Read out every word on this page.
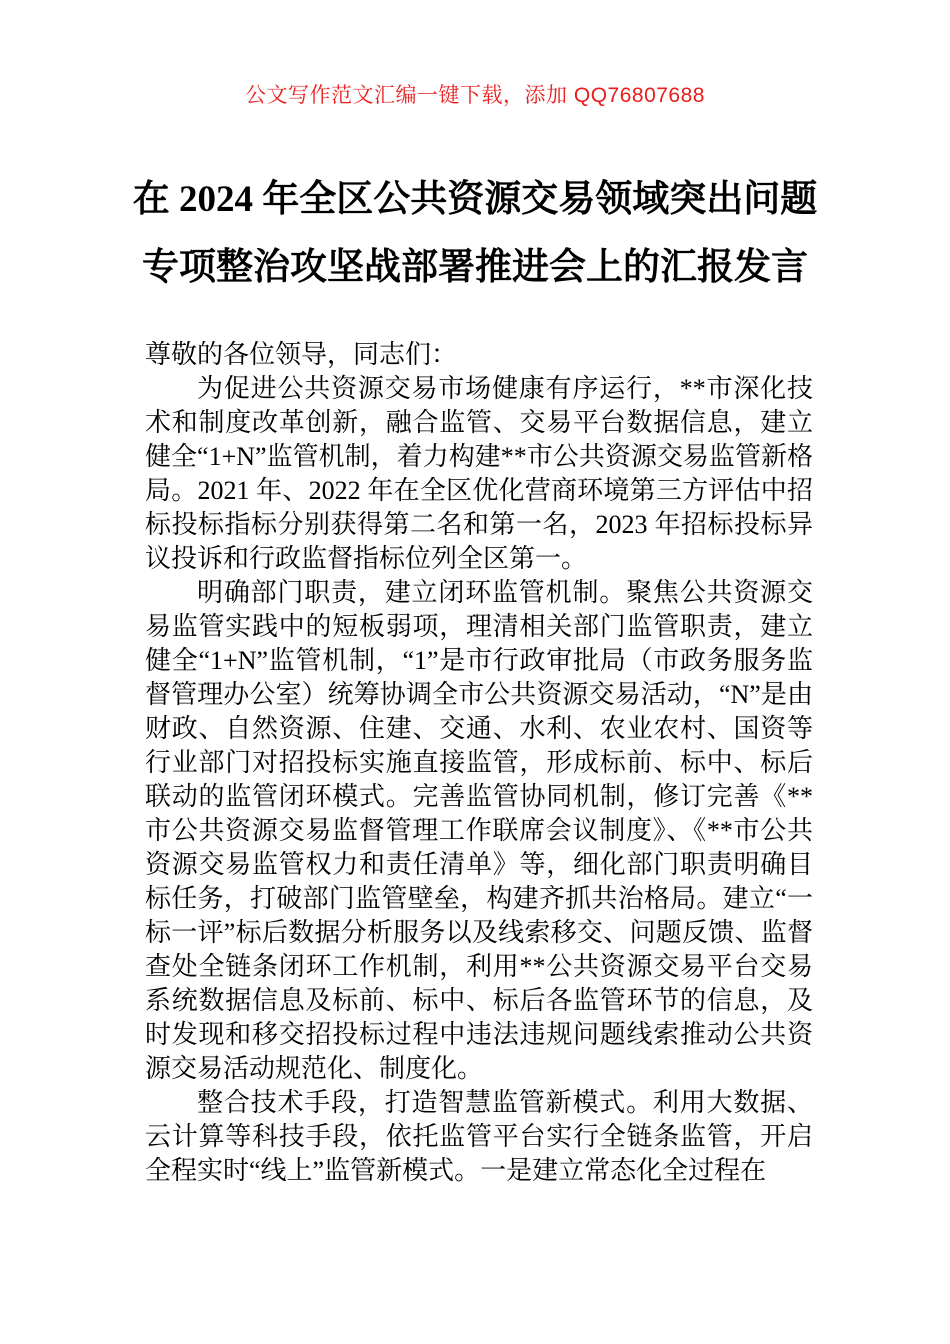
公文写作范文汇编一键下载，添加 QQ76807688
在 2024 年全区公共资源交易领域突出问题
专项整治攻坚战部署推进会上的汇报发言

尊敬的各位领导，同志们：

为促进公共资源交易市场健康有序运行，**市深化技术和制度改革创新，融合监管、交易平台数据信息，建立健全“1+N”监管机制，着力构建**市公共资源交易监管新格局。2021 年、2022 年在全区优化营商环境第三方评估中招标投标指标分别获得第二名和第一名，2023 年招标投标异议投诉和行政监督指标位列全区第一。

明确部门职责，建立闭环监管机制。聚焦公共资源交易监管实践中的短板弱项，理清相关部门监管职责，建立健全“1+N”监管机制，“1”是市行政审批局（市政务服务监督管理办公室）统筹协调全市公共资源交易活动，“N”是由财政、自然资源、住建、交通、水利、农业农村、国资等行业部门对招投标实施直接监管，形成标前、标中、标后联动的监管闭环模式。完善监管协同机制，修订完善《**市公共资源交易监督管理工作联席会议制度》、《**市公共资源交易监管权力和责任清单》等，细化部门职责明确目标任务，打破部门监管壁垒，构建齐抓共治格局。建立“一标一评”标后数据分析服务以及线索移交、问题反馈、监督查处全链条闭环工作机制，利用**公共资源交易平台交易系统数据信息及标前、标中、标后各监管环节的信息，及时发现和移交招投标过程中违法违规问题线索推动公共资源交易活动规范化、制度化。

整合技术手段，打造智慧监管新模式。利用大数据、云计算等科技手段，依托监管平台实行全链条监管，开启全程实时“线上”监管新模式。一是建立常态化全过程在
